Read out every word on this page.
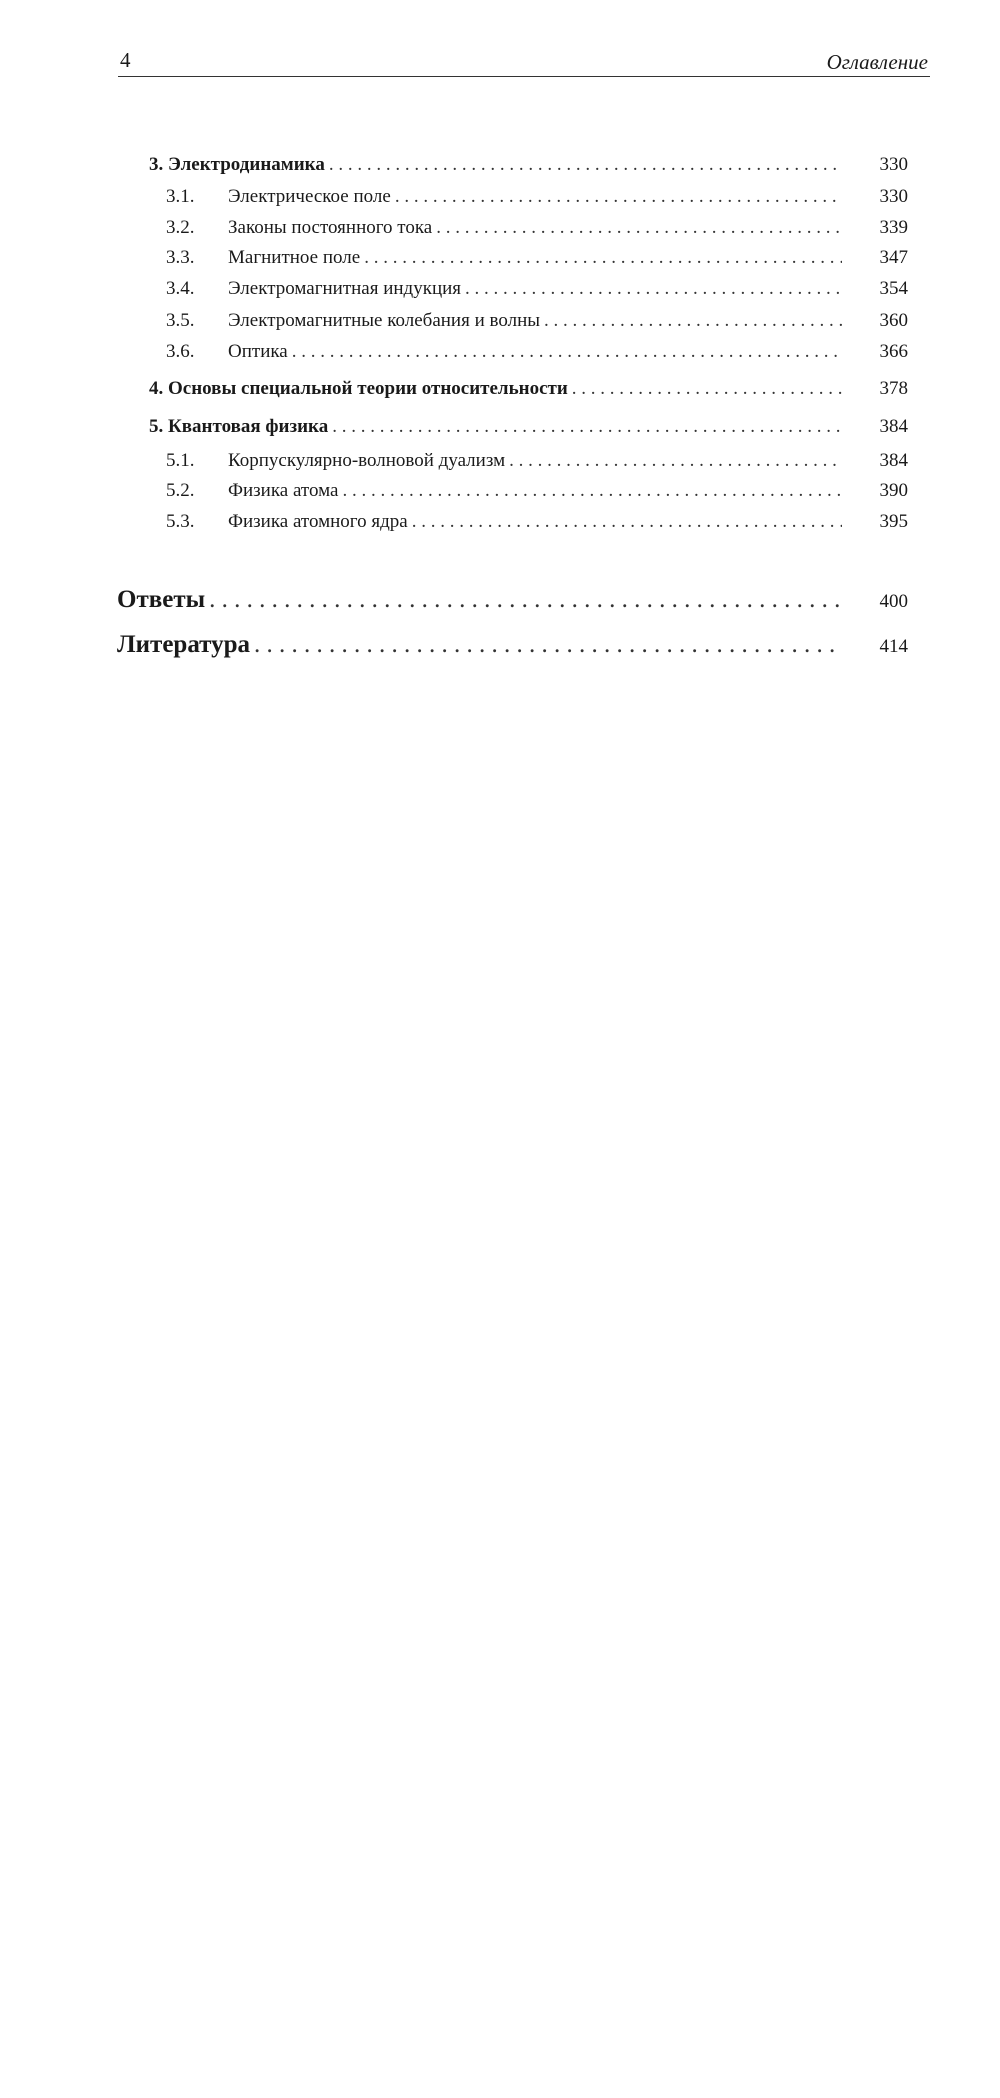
4	Оглавление
3. Электродинамика . . .	330
3.1.	Электрическое поле . . .	330
3.2.	Законы постоянного тока . . .	339
3.3.	Магнитное поле . . .	347
3.4.	Электромагнитная индукция . . .	354
3.5.	Электромагнитные колебания и волны . . .	360
3.6.	Оптика . . .	366
4. Основы специальной теории относительности . . .	378
5. Квантовая физика . . .	384
5.1.	Корпускулярно-волновой дуализм . . .	384
5.2.	Физика атома . . .	390
5.3.	Физика атомного ядра . . .	395
Ответы . . .	400
Литература . . .	414
